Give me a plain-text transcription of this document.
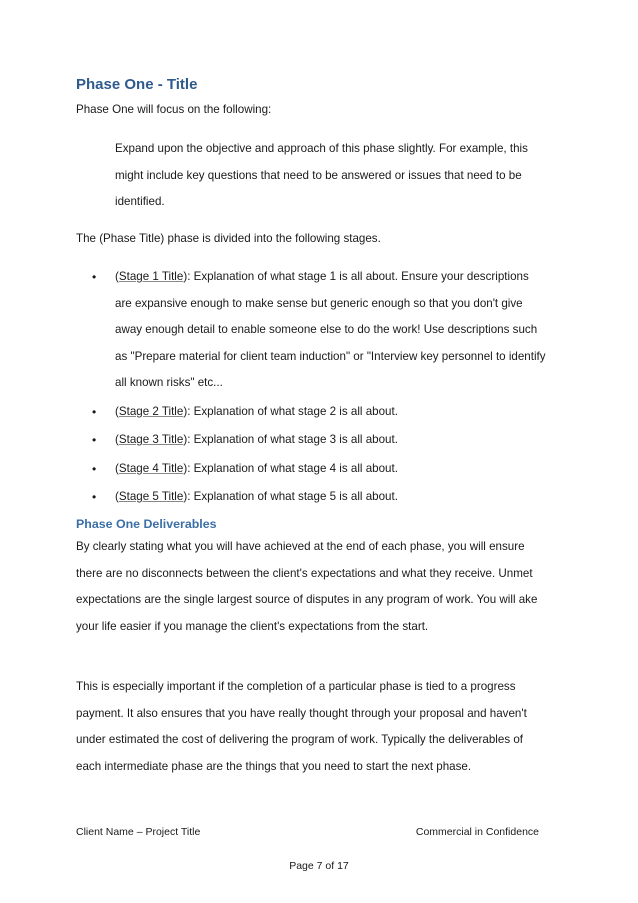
Phase One - Title

Phase One will focus on the following:

Expand upon the objective and approach of this phase slightly. For example, this might include key questions that need to be answered or issues that need to be identified.

The (Phase Title) phase is divided into the following stages.

• (Stage 1 Title): Explanation of what stage 1 is all about. Ensure your descriptions are expansive enough to make sense but generic enough so that you don't give away enough detail to enable someone else to do the work! Use descriptions such as "Prepare material for client team induction" or "Interview key personnel to identify all known risks" etc...
• (Stage 2 Title): Explanation of what stage 2 is all about.
• (Stage 3 Title): Explanation of what stage 3 is all about.
• (Stage 4 Title): Explanation of what stage 4 is all about.
• (Stage 5 Title): Explanation of what stage 5 is all about.
Phase One Deliverables

By clearly stating what you will have achieved at the end of each phase, you will ensure there are no disconnects between the client's expectations and what they receive. Unmet expectations are the single largest source of disputes in any program of work. You will ake your life easier if you manage the client's expectations from the start.

This is especially important if the completion of a particular phase is tied to a progress payment. It also ensures that you have really thought through your proposal and haven't under estimated the cost of delivering the program of work. Typically the deliverables of each intermediate phase are the things that you need to start the next phase.

Client Name – Project Title	Commercial in Confidence

Page 7 of 17
